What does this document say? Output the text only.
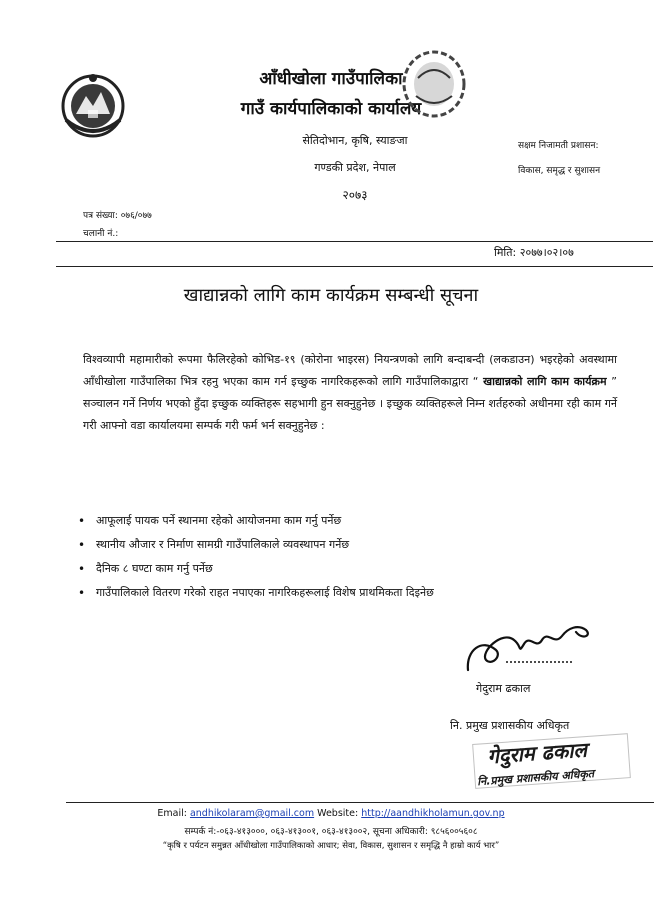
आँधीखोला गाउँपालिका
गाउँ कार्यपालिकाको कार्यालय
सेतिदोभान, कृषि, स्याङजा
गण्डकी प्रदेश, नेपाल
२०७३
सक्षम निजामती प्रशासन:
विकास, समृद्ध र सुशासन
पत्र संख्या: ०७६/०७७
चलानी नं.:
मिति: २०७७।०२।०७
खाद्यान्नको लागि काम कार्यक्रम सम्बन्धी सूचना
विश्वव्यापी महामारीको रूपमा फैलिरहेको कोभिड-१९ (कोरोना भाइरस) नियन्त्रणको लागि बन्दाबन्दी (लकडाउन) भइरहेको अवस्थामा आँधीखोला गाउँपालिका भित्र रहनु भएका काम गर्न इच्छुक नागरिकहरूको लागि गाउँपालिकाद्वारा “ खाद्यान्नको लागि काम कार्यक्रम ” सञ्चालन गर्ने निर्णय भएको हुँदा इच्छुक व्यक्तिहरू सहभागी हुन सक्नुहुनेछ । इच्छुक व्यक्तिहरूले निम्न शर्तहरुको अधीनमा रही काम गर्ने गरी आफ्नो वडा कार्यालयमा सम्पर्क गरी फर्म भर्न सक्नुहुनेछ :
• आफूलाई पायक पर्ने स्थानमा रहेको आयोजनमा काम गर्नु पर्नेछ
• स्थानीय औजार र निर्माण सामग्री गाउँपालिकाले व्यवस्थापन गर्नेछ
• दैनिक ८ घण्टा काम गर्नु पर्नेछ
• गाउँपालिकाले वितरण गरेको राहत नपाएका नागरिकहरूलाई विशेष प्राथमिकता दिइनेछ
गेदुराम ढकाल
नि. प्रमुख प्रशासकीय अधिकृत
गेदुराम ढकाल
नि.प्रमुख प्रशासकीय अधिकृत
Email: andhikolaram@gmail.com Website: http://aandhikholamun.gov.np
सम्पर्क नं:-०६३-४१३०००, ०६३-४१३००१, ०६३-४१३००२, सूचना अधिकारी: ९८५६००५६०८
“कृषि र पर्यटन समुन्नत आँधीखोला गाउँपालिकाको आधार; सेवा, विकास, सुशासन र समृद्धि नै हाम्रो कार्य भार”
